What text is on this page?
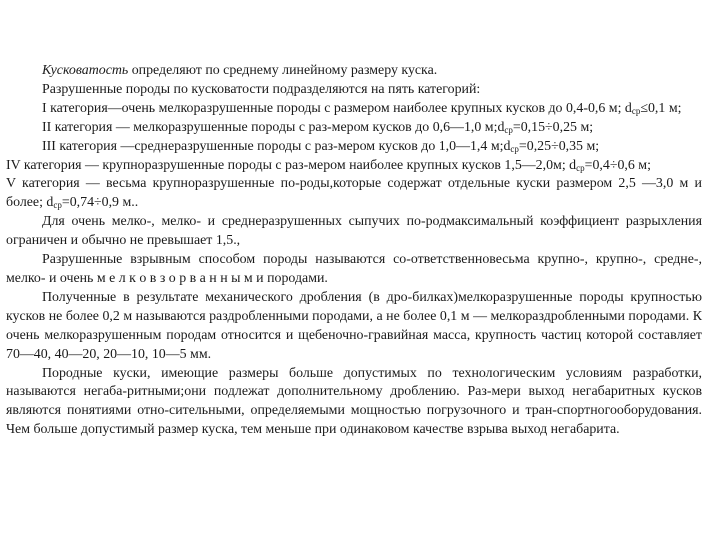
Кусковатость определяют по среднему линейному размеру куска.

Разрушенные породы по кусковатости подразделяются на пять категорий:

I категория—очень мелкоразрушенные породы с размером наиболее крупных кусков до 0,4-0,6 м; $d_{ср}\le 0,1$ м;

II категория — мелкоразрушенные породы с раз-мером кусков до 0,6—1,0 $м;d_{ср}=0,15\div 0,25$ м;

III категория —среднеразрушенные породы с раз-мером кусков до 1,0—1,4 $м;d_{ср}=0,25\div 0,35$ м;

IV категория — крупноразрушенные породы с раз-мером наиболее крупных кусков 1,5—2,0м; $d_{ср}=0,4\div 0,6$ м;

V категория — весьма крупноразрушенные по-роды,которые содержат отдельные куски размером 2,5 —3,0 м и более; $d_{ср}=0,74\div 0,9$ м..

Для очень мелко-, мелко- и среднеразрушенных сыпучих по-родмаксимальный коэффициент разрыхления ограничен и обычно не превышает 1,5.,

Разрушенные взрывным способом породы называются со-ответственновесьма крупно-, крупно-, средне-, мелко- и очень м е л к о в з о р в а н н ы м и породами.

Полученные в результате механического дробления (в дро-билках)мелкоразрушенные породы крупностью кусков не более 0,2 м называются раздробленными породами, а не более 0,1 м — мелкораздробленными породами. К очень мелкоразрушенным породам относится и щебеночно-гравийная масса, крупность частиц которой составляет 70—40, 40—20, 20—10, 10—5 мм.

Породные куски, имеющие размеры больше допустимых по технологическим условиям разработки, называются негаба-ритными;они подлежат дополнительному дроблению. Раз-мери выход негабаритных кусков являются понятиями отно-сительными, определяемыми мощностью погрузочного и тран-спортногооборудования. Чем больше допустимый размер куска, тем меньше при одинаковом качестве взрыва выход негабарита.
